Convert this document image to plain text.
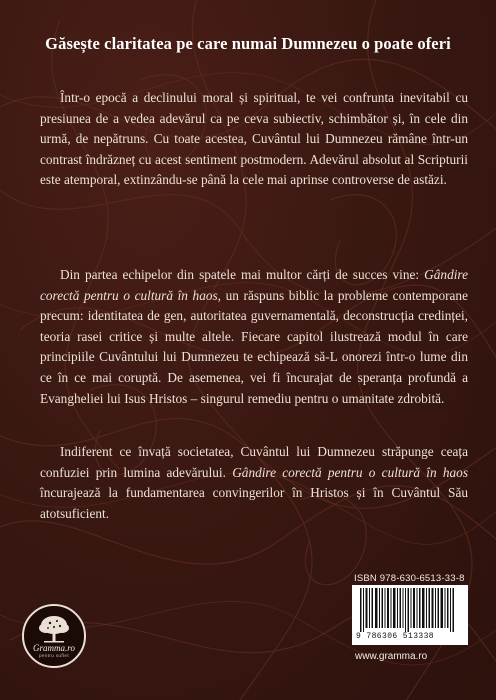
Găsește claritatea pe care numai Dumnezeu o poate oferi

Într-o epocă a declinului moral și spiritual, te vei confrunta inevitabil cu presiunea de a vedea adevărul ca pe ceva subiectiv, schimbător și, în cele din urmă, de nepătruns. Cu toate acestea, Cuvântul lui Dumnezeu rămâne într-un contrast îndrăzneț cu acest sentiment postmodern. Adevărul absolut al Scripturii este atemporal, extinzându-se până la cele mai aprinse controverse de astăzi.

Din partea echipelor din spatele mai multor cărți de succes vine: Gândire corectă pentru o cultură în haos, un răspuns biblic la probleme contemporane precum: identitatea de gen, autoritatea guvernamentală, deconstrucția credinței, teoria rasei critice și multe altele. Fiecare capitol ilustrează modul în care principiile Cuvântului lui Dumnezeu te echipează să-L onorezi într-o lume din ce în ce mai coruptă. De asemenea, vei fi încurajat de speranța profundă a Evangheliei lui Isus Hristos – singurul remediu pentru o umanitate zdrobită.

Indiferent ce învață societatea, Cuvântul lui Dumnezeu străpunge ceața confuziei prin lumina adevărului. Gândire corectă pentru o cultură în haos încurajează la fundamentarea convingerilor în Hristos și în Cuvântul Său atotsuficient.

Gramma.ro
pentru suflet
ISBN 978-630-6513-33-8
9 786306 513338
www.gramma.ro
